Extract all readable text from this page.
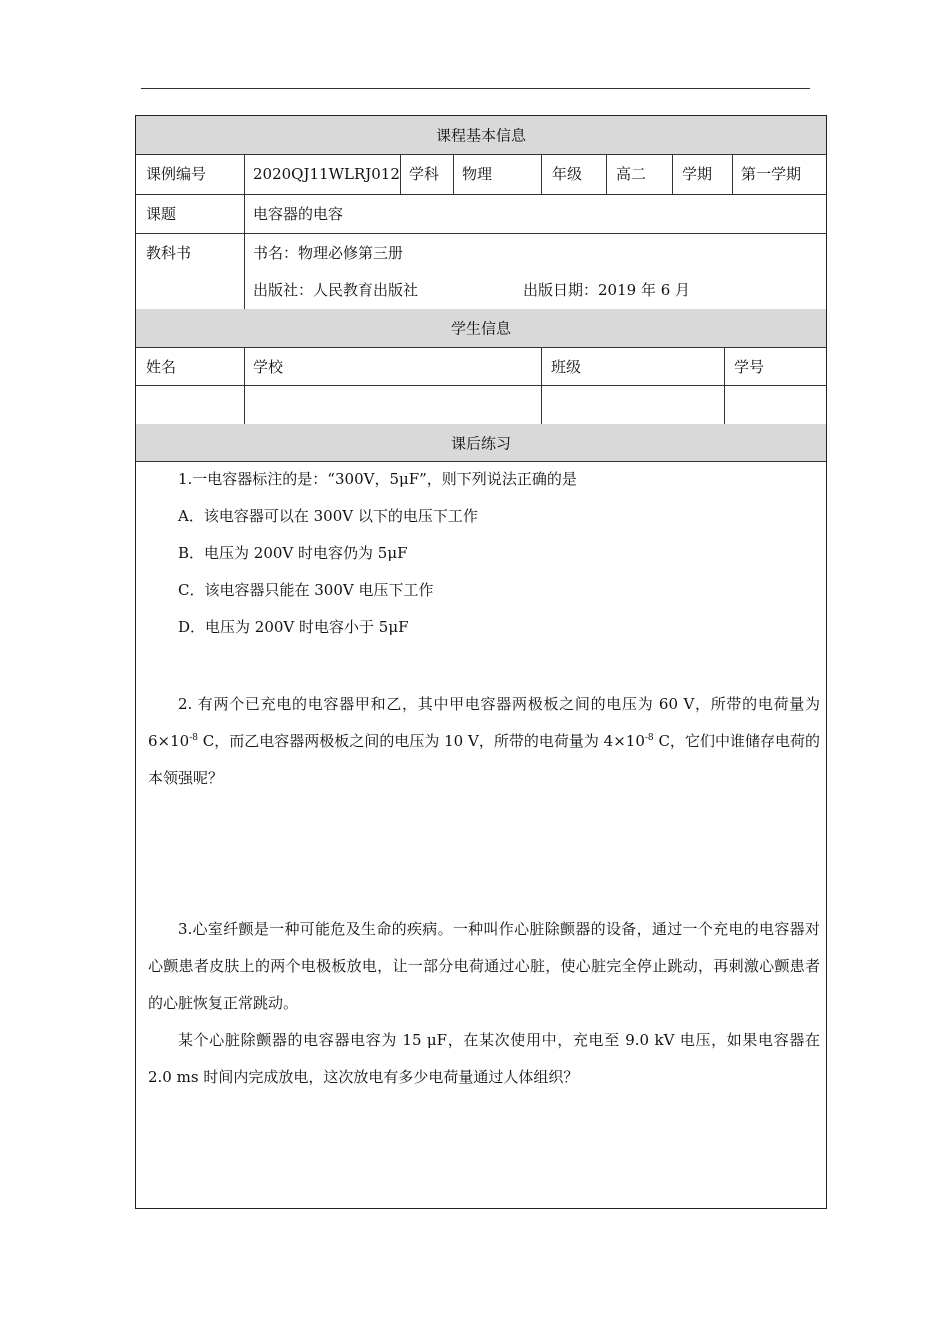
课程基本信息
课例编号	2020QJ11WLRJ012 学科 物理	年级 高二 学期 第一学期
课题	电容器的电容
教科书	书名：物理必修第三册
出版社：人民教育出版社	出版日期：2019 年 6 月
学生信息
姓名	学校	班级	学号
课后练习

1.一电容器标注的是：“300V，5μF”，则下列说法正确的是

A．该电容器可以在 300V 以下的电压下工作

B．电压为 200V 时电容仍为 5μF

C．该电容器只能在 300V 电压下工作

D．电压为 200V 时电容小于 5μF

2. 有两个已充电的电容器甲和乙，其中甲电容器两极板之间的电压为 60 V，所带的电荷量为 $6\times 10^{-8}$ C，而乙电容器两极板之间的电压为 10 V，所带的电荷量为 $4\times 10^{-8}$ C，它们中谁储存电荷的本领强呢？

3.心室纤颤是一种可能危及生命的疾病。一种叫作心脏除颤器的设备，通过一个充电的电容器对心颤患者皮肤上的两个电极板放电，让一部分电荷通过心脏，使心脏完全停止跳动，再刺激心颤患者的心脏恢复正常跳动。

某个心脏除颤器的电容器电容为 15 μF，在某次使用中，充电至 9.0 kV 电压，如果电容器在 2.0 ms 时间内完成放电，这次放电有多少电荷量通过人体组织？
